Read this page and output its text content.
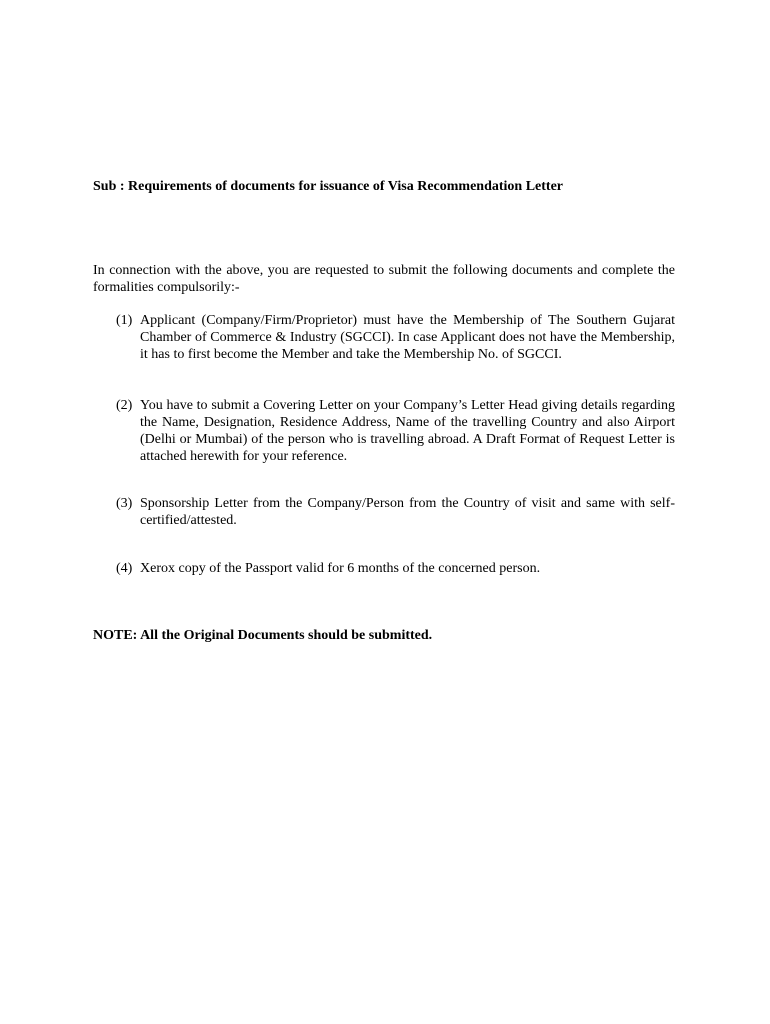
Sub : Requirements of documents for issuance of Visa Recommendation Letter
In connection with the above, you are requested to submit the following documents and complete the formalities compulsorily:-
(1) Applicant (Company/Firm/Proprietor) must have the Membership of The Southern Gujarat Chamber of Commerce & Industry (SGCCI). In case Applicant does not have the Membership, it has to first become the Member and take the Membership No. of SGCCI.
(2) You have to submit a Covering Letter on your Company’s Letter Head giving details regarding the Name, Designation, Residence Address, Name of the travelling Country and also Airport (Delhi or Mumbai) of the person who is travelling abroad. A Draft Format of Request Letter is attached herewith for your reference.
(3) Sponsorship Letter from the Company/Person from the Country of visit and same with self-certified/attested.
(4) Xerox copy of the Passport valid for 6 months of the concerned person.
NOTE: All the Original Documents should be submitted.
